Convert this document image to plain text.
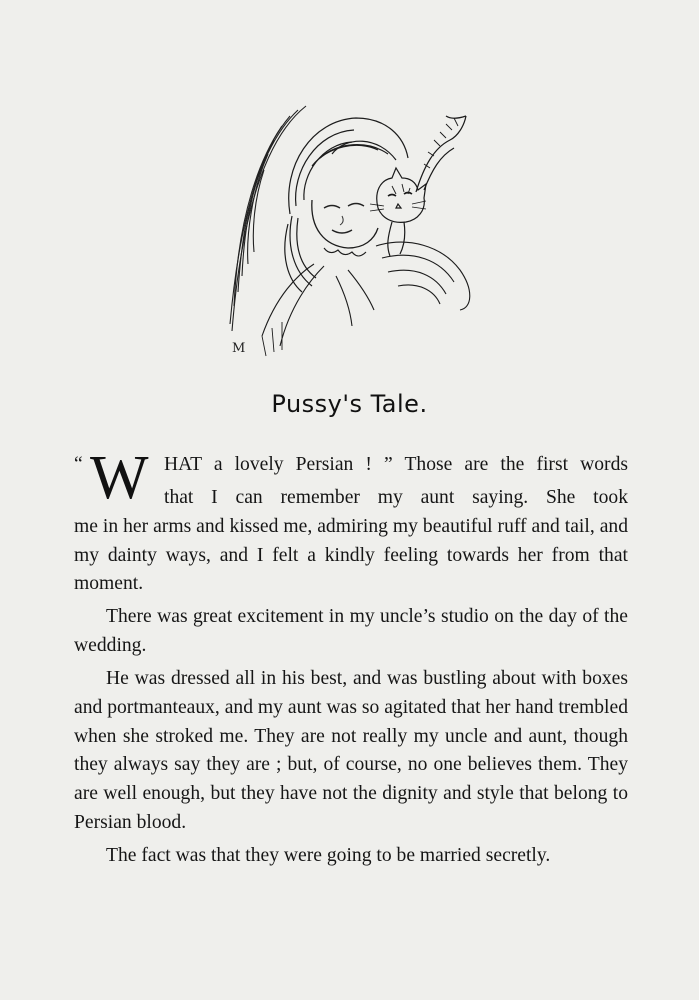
M
Pussy's Tale.
“ W HAT a lovely Persian ! ” Those are the first words

that I can remember my aunt saying. She took

me in her arms and kissed me, admiring my beautiful ruff and tail, and my dainty ways, and I felt a kindly feeling towards her from that moment.

There was great excitement in my uncle’s studio on the day of the wedding.

He was dressed all in his best, and was bustling about with boxes and portmanteaux, and my aunt was so agitated that her hand trembled when she stroked me. They are not really my uncle and aunt, though they always say they are ; but, of course, no one believes them. They are well enough, but they have not the dignity and style that belong to Persian blood.

The fact was that they were going to be married secretly.
